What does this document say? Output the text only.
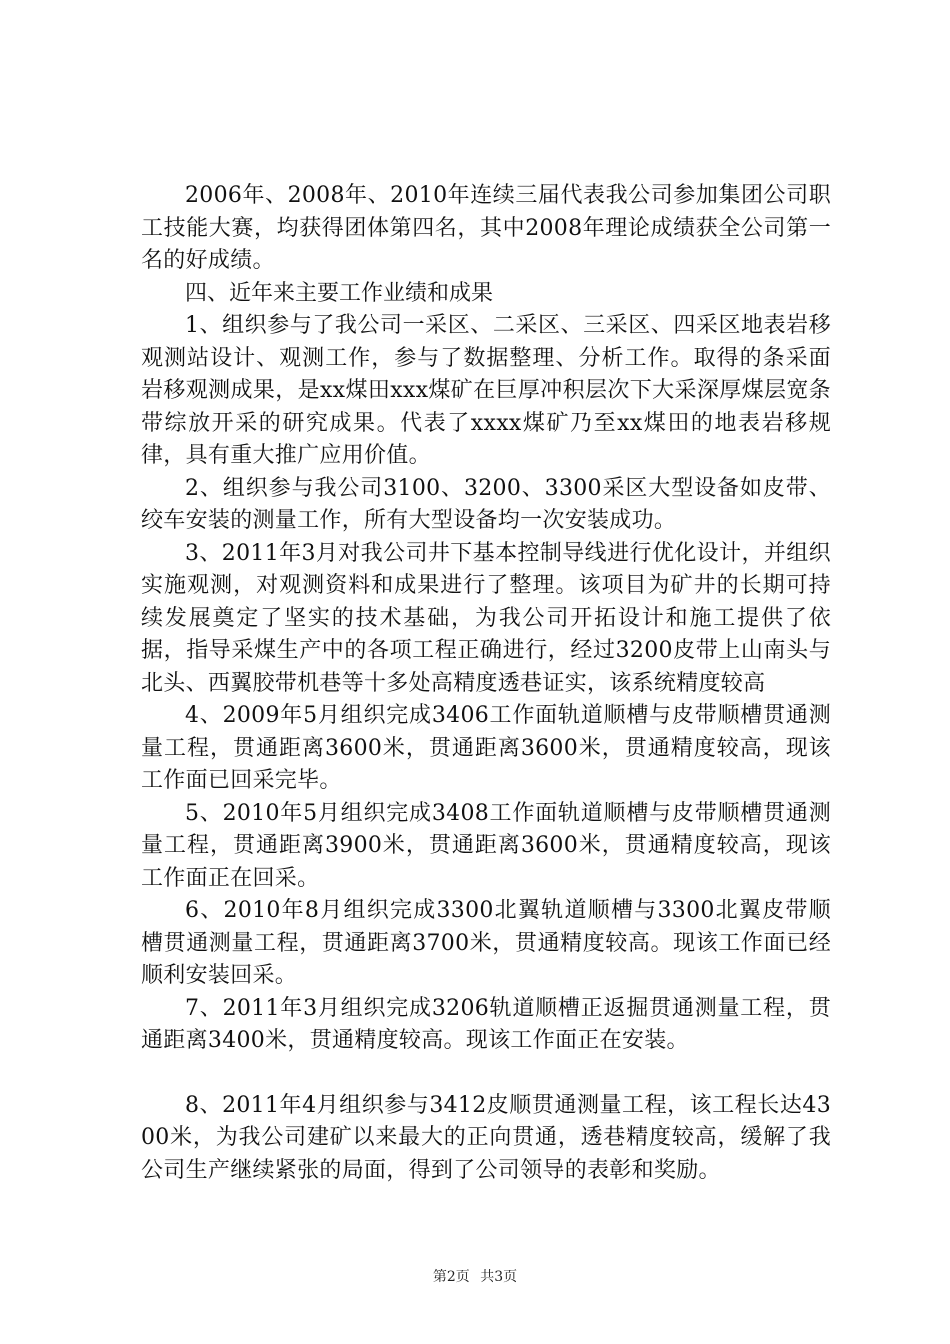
2006年、2008年、2010年连续三届代表我公司参加集团公司职工技能大赛，均获得团体第四名，其中2008年理论成绩获全公司第一名的好成绩。

四、近年来主要工作业绩和成果

1、组织参与了我公司一采区、二采区、三采区、四采区地表岩移观测站设计、观测工作，参与了数据整理、分析工作。取得的条采面岩移观测成果，是xx煤田xxx煤矿在巨厚冲积层次下大采深厚煤层宽条带综放开采的研究成果。代表了xxxx煤矿乃至xx煤田的地表岩移规律，具有重大推广应用价值。

2、组织参与我公司3100、3200、3300采区大型设备如皮带、绞车安装的测量工作，所有大型设备均一次安装成功。

3、2011年3月对我公司井下基本控制导线进行优化设计，并组织实施观测，对观测资料和成果进行了整理。该项目为矿井的长期可持续发展奠定了坚实的技术基础，为我公司开拓设计和施工提供了依据，指导采煤生产中的各项工程正确进行，经过3200皮带上山南头与北头、西翼胶带机巷等十多处高精度透巷证实，该系统精度较高

4、2009年5月组织完成3406工作面轨道顺槽与皮带顺槽贯通测量工程，贯通距离3600米，贯通距离3600米，贯通精度较高，现该工作面已回采完毕。

5、2010年5月组织完成3408工作面轨道顺槽与皮带顺槽贯通测量工程，贯通距离3900米，贯通距离3600米，贯通精度较高，现该工作面正在回采。

6、2010年8月组织完成3300北翼轨道顺槽与3300北翼皮带顺槽贯通测量工程，贯通距离3700米，贯通精度较高。现该工作面已经顺利安装回采。

7、2011年3月组织完成3206轨道顺槽正返掘贯通测量工程，贯通距离3400米，贯通精度较高。现该工作面正在安装。

8、2011年4月组织参与3412皮顺贯通测量工程，该工程长达4300米，为我公司建矿以来最大的正向贯通，透巷精度较高，缓解了我公司生产继续紧张的局面，得到了公司领导的表彰和奖励。

第2页 共3页
